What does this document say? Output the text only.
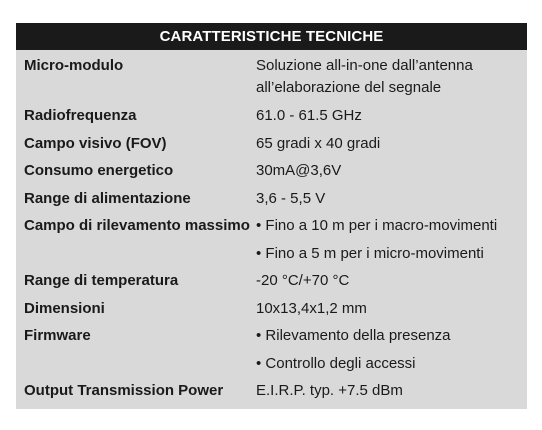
CARATTERISTICHE TECNICHE
Micro-modulo	Soluzione all-in-one dall’antenna
all’elaborazione del segnale
Radiofrequenza	61.0 - 61.5 GHz
Campo visivo (FOV)	65 gradi x 40 gradi
Consumo energetico	30mA@3,6V
Range di alimentazione	3,6 - 5,5 V
Campo di rilevamento massimo • Fino a 10 m per i macro-movimenti
• Fino a 5 m per i micro-movimenti
Range di temperatura	-20 °C/+70 °C
Dimensioni	10x13,4x1,2 mm
Firmware	• Rilevamento della presenza
• Controllo degli accessi
Output Transmission Power	E.I.R.P. typ. +7.5 dBm
